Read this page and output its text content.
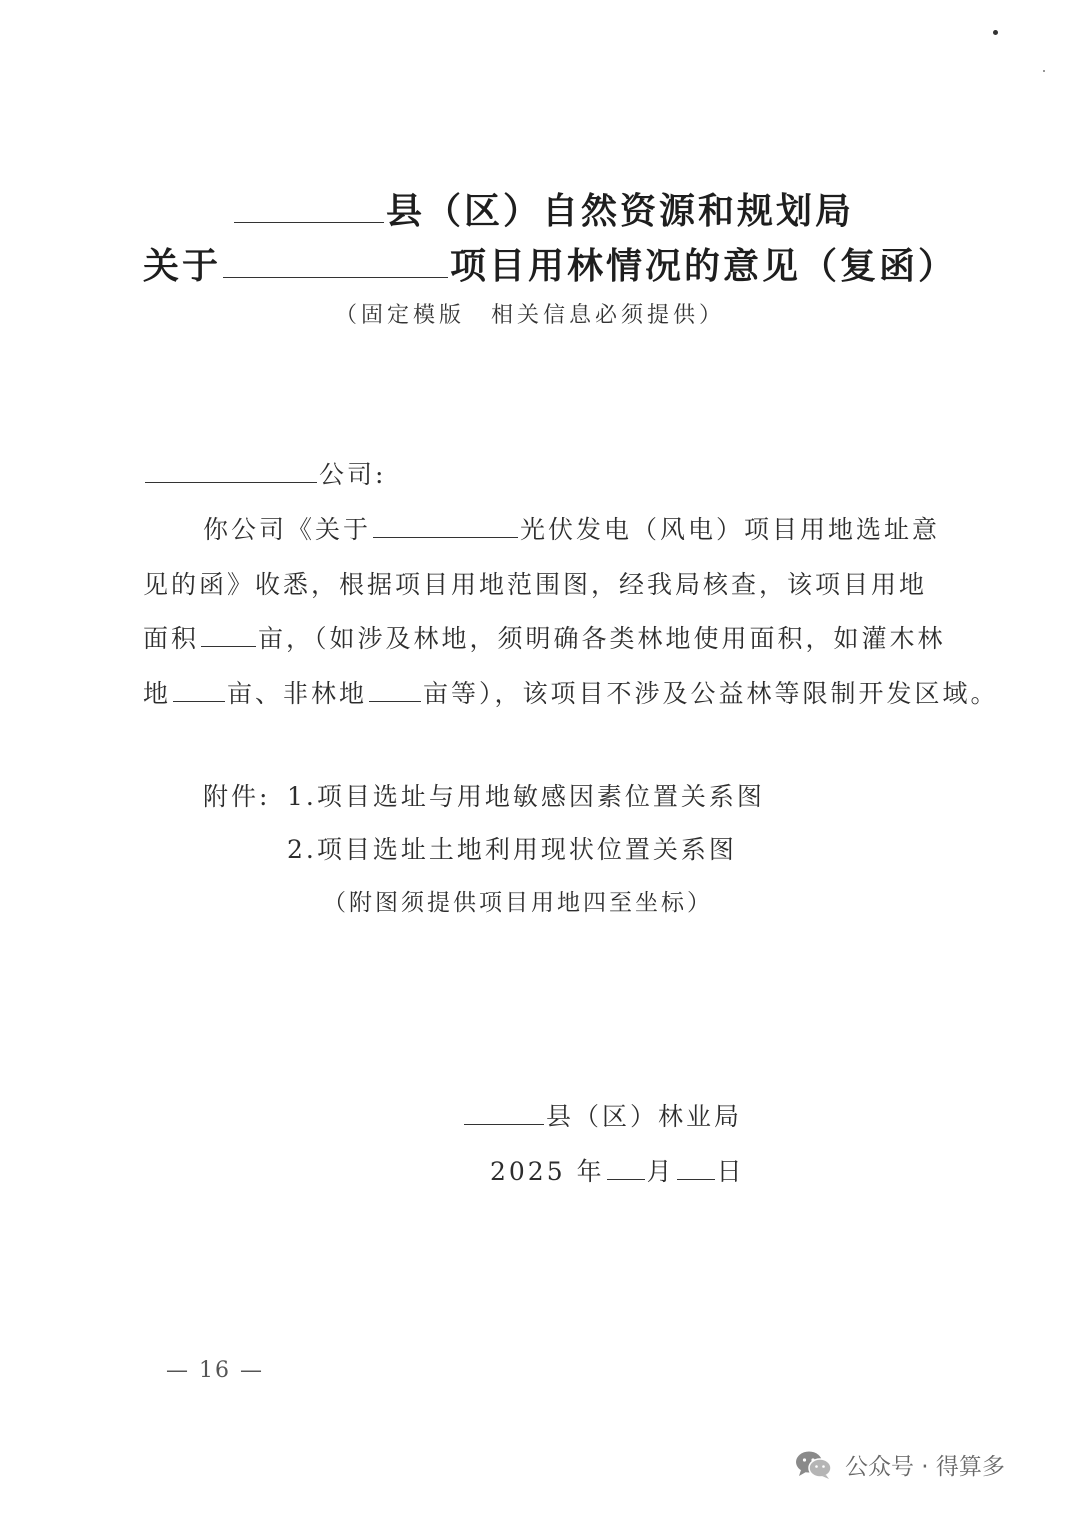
县（区）自然资源和规划局
关于	项目用林情况的意见（复函）
（固定模版　相关信息必须提供）
公司:
你公司《关于	光伏发电（风电）项目用地选址意
见的函》收悉，根据项目用地范围图，经我局核查，该项目用地
面积 亩，（如涉及林地，须明确各类林地使用面积，如灌木林
地 亩、非林地 亩等），该项目不涉及公益林等限制开发区域。
附件: 1.项目选址与用地敏感因素位置关系图
2.项目选址土地利用现状位置关系图
（附图须提供项目用地四至坐标）
县（区）林业局
2025 年 月 日
— 16 —
公众号 · 得算多
